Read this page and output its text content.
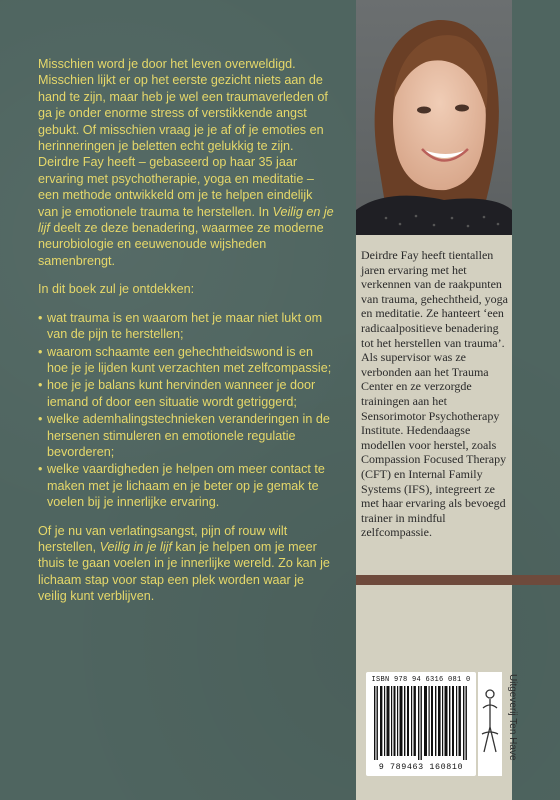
Misschien word je door het leven overweldigd. Misschien lijkt er op het eerste gezicht niets aan de hand te zijn, maar heb je wel een traumaverleden of ga je onder enorme stress of verstikkende angst gebukt. Of misschien vraag je je af of je emoties en herinneringen je beletten echt gelukkig te zijn. Deirdre Fay heeft – gebaseerd op haar 35 jaar ervaring met psychotherapie, yoga en meditatie – een methode ontwikkeld om je te helpen eindelijk van je emotionele trauma te herstellen. In Veilig en je lijf deelt ze deze benadering, waarmee ze moderne neurobiologie en eeuwenoude wijsheden samenbrengt.

In dit boek zul je ontdekken:

• wat trauma is en waarom het je maar niet lukt om van de pijn te herstellen;
• waarom schaamte een gehechtheidswond is en hoe je je lijden kunt verzachten met zelfcompassie;
• hoe je je balans kunt hervinden wanneer je door iemand of door een situatie wordt getriggerd;
• welke ademhalingstechnieken veranderingen in de hersenen stimuleren en emotionele regulatie bevorderen;
• welke vaardigheden je helpen om meer contact te maken met je lichaam en je beter op je gemak te voelen bij je innerlijke ervaring.

Of je nu van verlatingsangst, pijn of rouw wilt herstellen, Veilig in je lijf kan je helpen om je meer thuis te gaan voelen in je innerlijke wereld. Zo kan je lichaam stap voor stap een plek worden waar je veilig kunt verblijven.

Deirdre Fay heeft tientallen jaren ervaring met het verkennen van de raakpunten van trauma, gehechtheid, yoga en meditatie. Ze hanteert ‘een radicaalpositieve benadering tot het herstellen van trauma’. Als supervisor was ze verbonden aan het Trauma Center en ze verzorgde trainingen aan het Sensorimotor Psychotherapy Institute. Hedendaagse modellen voor herstel, zoals Compassion Focused Therapy (CFT) en Internal Family Systems (IFS), integreert ze met haar ervaring als bevoegd trainer in mindful zelfcompassie.

ISBN 978 94 6316 081 0
9 789463 160810
Uitgeverij Ten Have
